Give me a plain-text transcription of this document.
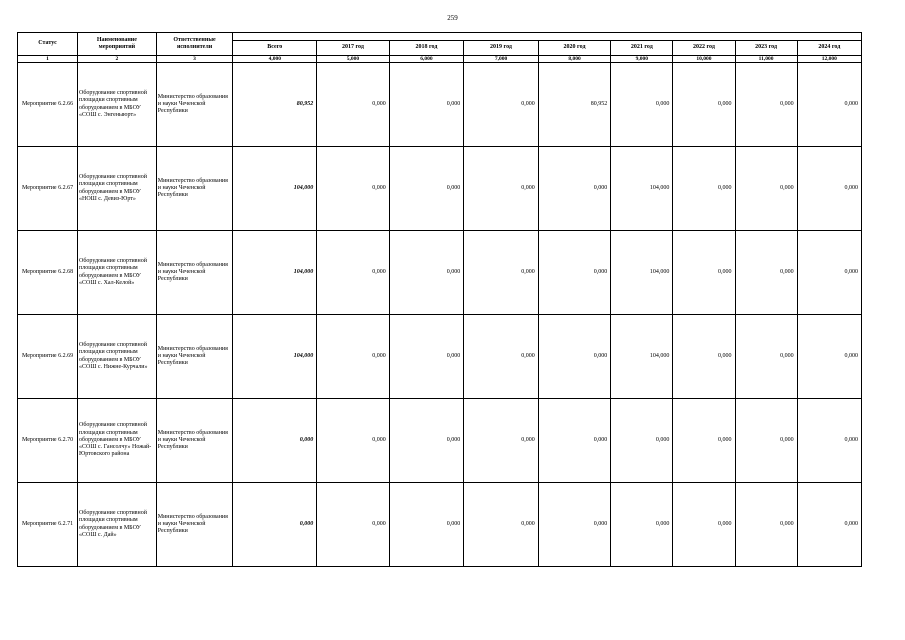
259
Статус	Наименование мероприятий	Ответственные исполнители									
			Всего	2017 год	2018 год	2019 год	2020 год	2021 год	2022 год	2023 год	2024 год
1	2	3	4,000	5,000	6,000	7,000	8,000	9,000	10,000	11,000	12,000
Мероприятие 6.2.66	Оборудование спортивной площадки спортивным оборудованием в МБОУ «СОШ с. Энгеныюрт»	Министерство образования и науки Чеченской Республики	80,952	0,000	0,000	0,000	80,952	0,000	0,000	0,000	0,000
Мероприятие 6.2.67	Оборудование спортивной площадки спортивным оборудованием в МБОУ «НОШ с. Девиз-Юрт»	Министерство образования и науки Чеченской Республики	104,000	0,000	0,000	0,000	0,000	104,000	0,000	0,000	0,000
Мероприятие 6.2.68	Оборудование спортивной площадки спортивным оборудованием в МБОУ «СОШ с. Хал-Келой»	Министерство образования и науки Чеченской Республики	104,000	0,000	0,000	0,000	0,000	104,000	0,000	0,000	0,000
Мероприятие 6.2.69	Оборудование спортивной площадки спортивным оборудованием в МБОУ «СОШ с. Нижне-Курчали»	Министерство образования и науки Чеченской Республики	104,000	0,000	0,000	0,000	0,000	104,000	0,000	0,000	0,000
Мероприятие 6.2.70	Оборудование спортивной площадки спортивным оборудованием в МБОУ «СОШ с. Гансолчу» Ножай-Юртовского района	Министерство образования и науки Чеченской Республики	0,000	0,000	0,000	0,000	0,000	0,000	0,000	0,000	0,000
Мероприятие 6.2.71	Оборудование спортивной площадки спортивным оборудованием в МБОУ «СОШ с. Дай»	Министерство образования и науки Чеченской Республики	0,000	0,000	0,000	0,000	0,000	0,000	0,000	0,000	0,000
